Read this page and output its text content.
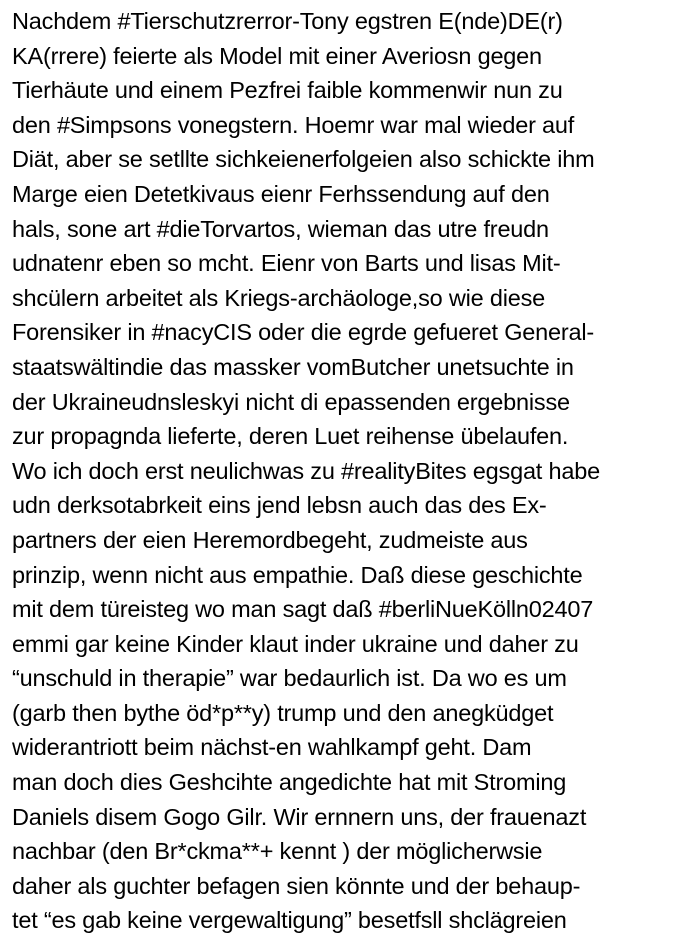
Nachdem #Tierschutzrerror-Tony egstren E(nde)DE(r)
KA(rrere) feierte als Model mit einer Averiosn gegen
Tierhäute und einem Pezfrei faible kommenwir nun zu
den #Simpsons vonegstern. Hoemr war mal wieder auf
Diät, aber se setllte sichkeienerfolgeien also schickte ihm
Marge eien Detetkivaus eienr Ferhssendung auf den
hals, sone art #dieTorvartos, wieman das utre freudn
udnatenr eben so mcht. Eienr von Barts und lisas Mit-
shcülern arbeitet als Kriegs-archäologe,so wie diese
Forensiker in #nacyCIS oder die egrde gefueret General-
staatswältindie das massker vomButcher unetsuchte in
der Ukraineudnsleskyi nicht di epassenden ergebnisse
zur propagnda lieferte, deren Luet reihense übelaufen.
Wo ich doch erst neulichwas zu #realityBites egsgat habe
udn derksotabrkeit eins jend lebsn auch das des Ex-
partners der eien Heremordbegeht, zudmeiste aus
prinzip, wenn nicht aus empathie. Daß diese geschichte
mit dem türeisteg wo man sagt daß #berliNueKölln02407
emmi gar keine Kinder klaut inder ukraine und daher zu
“unschuld in therapie” war bedaurlich ist. Da wo es um
(garb then bythe öd*p**y) trump und den anegküdget
widerantriott beim nächst-en wahlkampf geht. Dam
man doch dies Geshcihte angedichte hat mit Stroming
Daniels disem Gogo Gilr. Wir ernnern uns, der frauenazt
nachbar (den Br*ckma**+ kennt ) der möglicherwsie
daher als guchter befagen sien könnte und der behaup-
tet “es gab keine vergewaltigung” besetfsll shclägreien
